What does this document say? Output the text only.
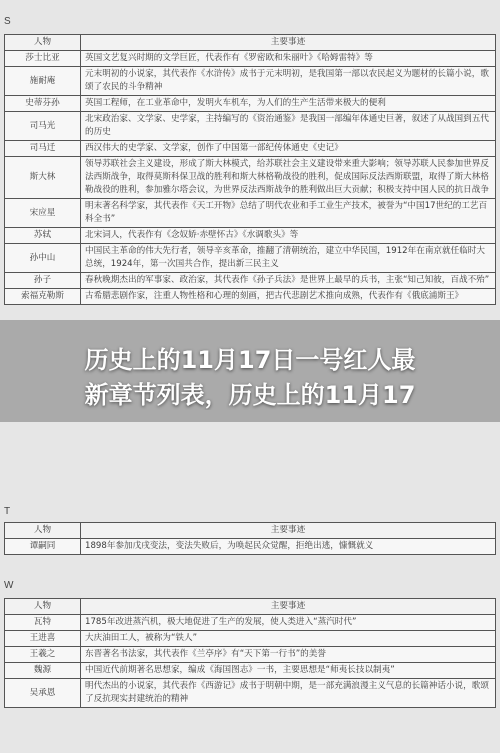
S
人物	主要事迹
莎士比亚	英国文艺复兴时期的文学巨匠，代表作有《罗密欧和朱丽叶》《哈姆雷特》等
施耐庵	元末明初的小说家，其代表作《水浒传》成书于元末明初，是我国第一部以农民起义为题材的长篇小说，歌颂了农民的斗争精神
史蒂芬孙	英国工程师，在工业革命中，发明火车机车，为人们的生产生活带来极大的便利
司马光	北宋政治家、文学家、史学家，主持编写的《资治通鉴》是我国一部编年体通史巨著，叙述了从战国到五代的历史
司马迁	西汉伟大的史学家、文学家，创作了中国第一部纪传体通史《史记》
斯大林	领导苏联社会主义建设，形成了斯大林模式，给苏联社会主义建设带来重大影响；领导苏联人民参加世界反法西斯战争，取得莫斯科保卫战的胜利和斯大林格勒战役的胜利，促成国际反法西斯联盟，取得了斯大林格勒战役的胜利，参加雅尔塔会议，为世界反法西斯战争的胜利做出巨大贡献；积极支持中国人民的抗日战争
宋应星	明末著名科学家，其代表作《天工开物》总结了明代农业和手工业生产技术，被誉为“中国17世纪的工艺百科全书”
苏轼	北宋词人，代表作有《念奴娇·赤壁怀古》《水调歌头》等
孙中山	中国民主革命的伟大先行者，领导辛亥革命，推翻了清朝统治，建立中华民国，1912年在南京就任临时大总统，1924年，第一次国共合作，提出新三民主义
孙子	春秋晚期杰出的军事家、政治家，其代表作《孙子兵法》是世界上最早的兵书，主张“知己知彼，百战不殆”
索福克勒斯	古希腊悲剧作家，注重人物性格和心理的刻画，把古代悲剧艺术推向成熟，代表作有《俄底浦斯王》
历史上的11月17日一号红人最
新章节列表，历史上的11月17
T
人物	主要事迹
谭嗣同	1898年参加戊戌变法，变法失败后，为唤起民众觉醒，拒绝出逃，慷慨就义
W
人物	主要事迹
瓦特	1785年改进蒸汽机，极大地促进了生产的发展，使人类进入“蒸汽时代”
王进喜	大庆油田工人，被称为“铁人”
王羲之	东晋著名书法家，其代表作《兰亭序》有“天下第一行书”的美誉
魏源	中国近代前期著名思想家，编成《海国图志》一书，主要思想是“师夷长技以制夷”
吴承恩	明代杰出的小说家，其代表作《西游记》成书于明朝中期，是一部充满浪漫主义气息的长篇神话小说，歌颂了反抗现实封建统治的精神
